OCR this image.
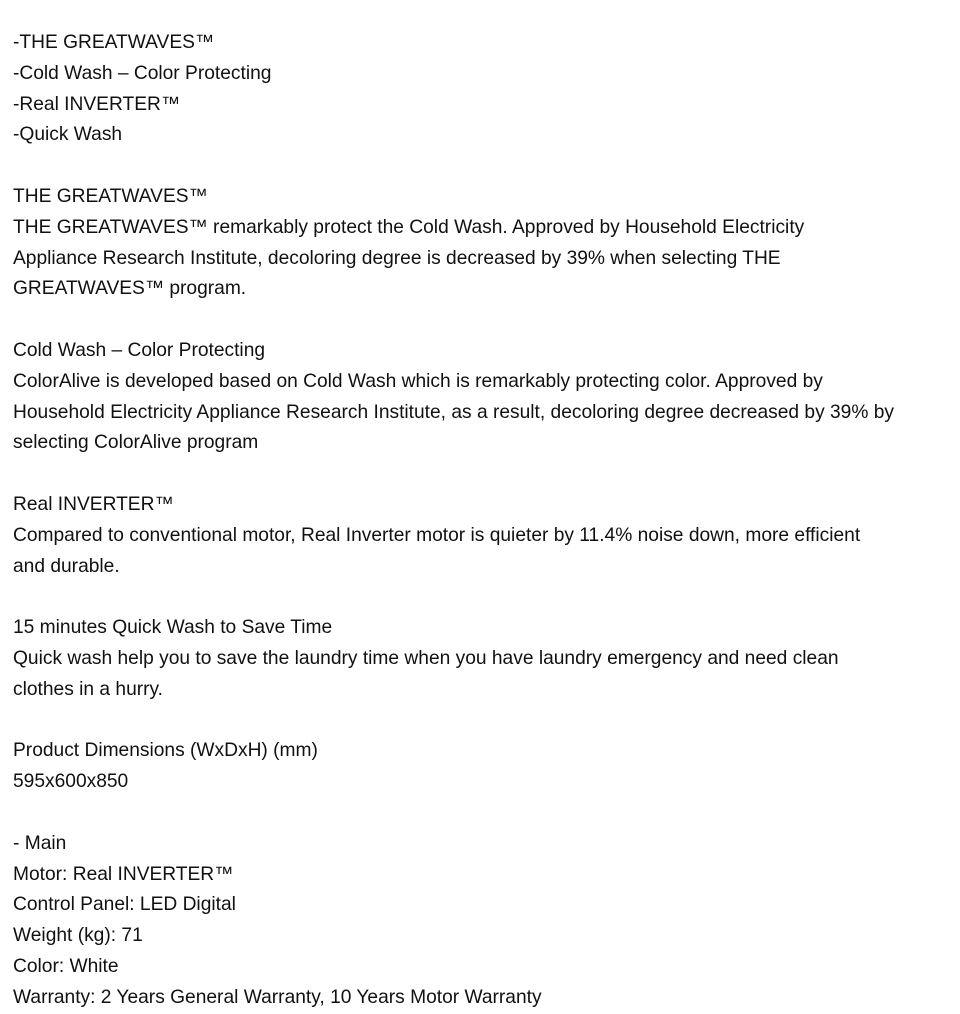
-THE GREATWAVES™
-Cold Wash – Color Protecting
-Real INVERTER™
-Quick Wash
THE GREATWAVES™
THE GREATWAVES™ remarkably protect the Cold Wash. Approved by Household Electricity
Appliance Research Institute, decoloring degree is decreased by 39% when selecting THE
GREATWAVES™ program.
Cold Wash – Color Protecting
ColorAlive is developed based on Cold Wash which is remarkably protecting color. Approved by
Household Electricity Appliance Research Institute, as a result, decoloring degree decreased by 39% by
selecting ColorAlive program
Real INVERTER™
Compared to conventional motor, Real Inverter motor is quieter by 11.4% noise down, more efficient
and durable.
15 minutes Quick Wash to Save Time
Quick wash help you to save the laundry time when you have laundry emergency and need clean
clothes in a hurry.
Product Dimensions (WxDxH) (mm)
595x600x850
- Main
Motor: Real INVERTER™
Control Panel: LED Digital
Weight (kg): 71
Color: White
Warranty: 2 Years General Warranty, 10 Years Motor Warranty
